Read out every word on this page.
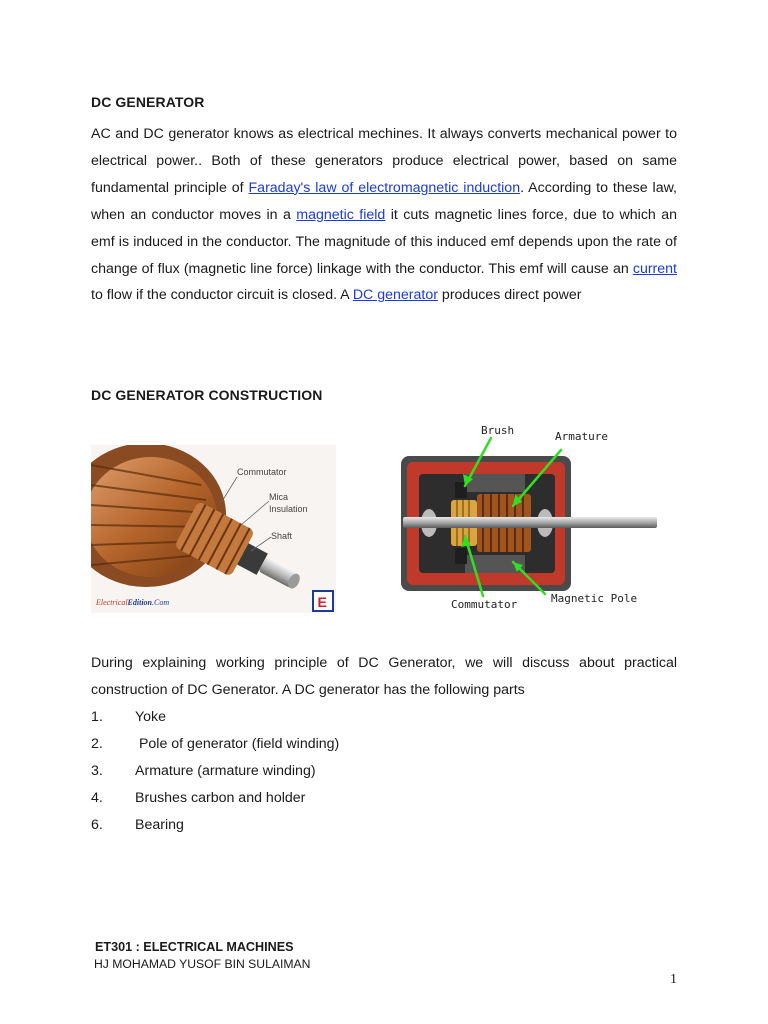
DC GENERATOR
AC and DC generator knows as electrical mechines. It always converts mechanical power to electrical power.. Both of these generators produce electrical power, based on same fundamental principle of Faraday's law of electromagnetic induction. According to these law, when an conductor moves in a magnetic field it cuts magnetic lines force, due to which an emf is induced in the conductor. The magnitude of this induced emf depends upon the rate of change of flux (magnetic line force) linkage with the conductor. This emf will cause an current to flow if the conductor circuit is closed. A DC generator produces direct power
DC GENERATOR CONSTRUCTION
Commutator
Mica
Insulation
Shaft
ElectricalEdition.Com	E
Brush	Armature
Commutator	Magnetic Pole
During explaining working principle of DC Generator, we will discuss about practical construction of DC Generator. A DC generator has the following parts
1. Yoke
2. Pole of generator (field winding)
3. Armature (armature winding)
4. Brushes carbon and holder
6. Bearing
ET301 : ELECTRICAL MACHINES
HJ MOHAMAD YUSOF BIN SULAIMAN
1
